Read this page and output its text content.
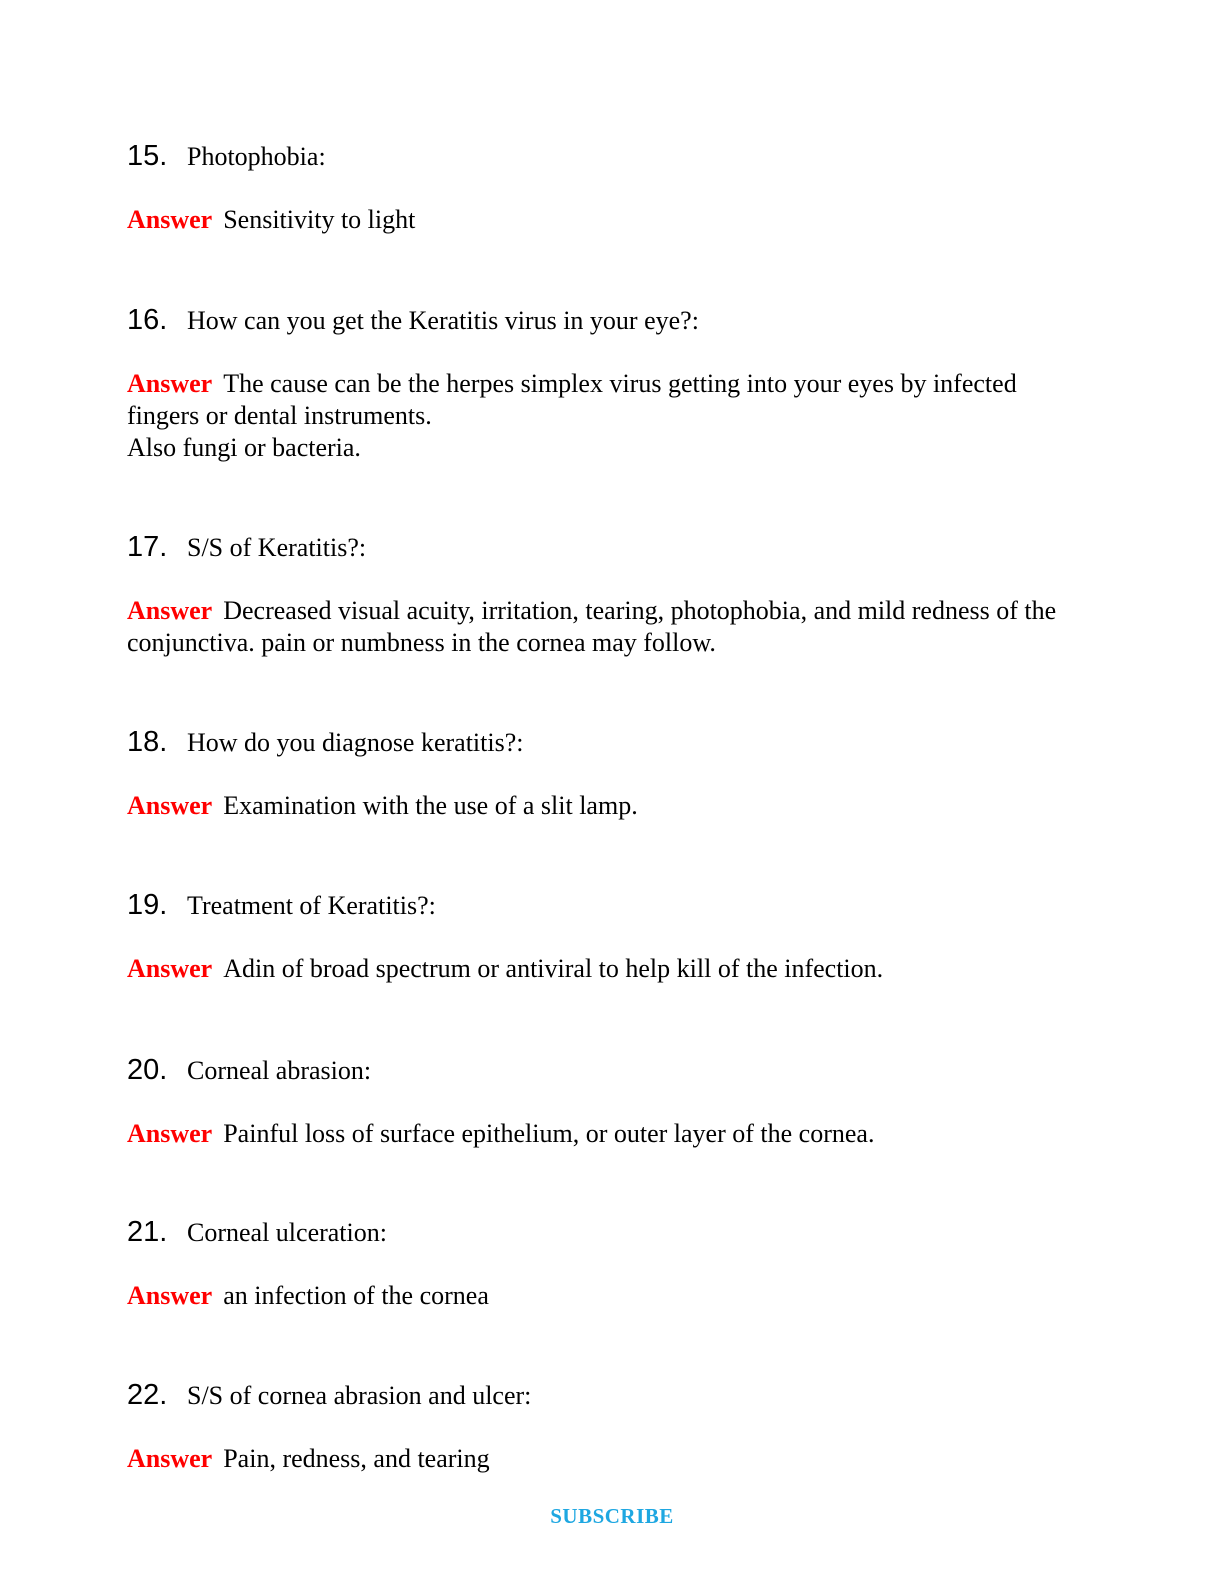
15. Photophobia:
Answer Sensitivity to light
16. How can you get the Keratitis virus in your eye?:
Answer The cause can be the herpes simplex virus getting into your eyes by infected fingers or dental instruments.
Also fungi or bacteria.
17. S/S of Keratitis?:
Answer Decreased visual acuity, irritation, tearing, photophobia, and mild redness of the conjunctiva. pain or numbness in the cornea may follow.
18. How do you diagnose keratitis?:
Answer Examination with the use of a slit lamp.
19. Treatment of Keratitis?:
Answer Adin of broad spectrum or antiviral to help kill of the infection.
20. Corneal abrasion:
Answer Painful loss of surface epithelium, or outer layer of the cornea.
21. Corneal ulceration:
Answer an infection of the cornea
22. S/S of cornea abrasion and ulcer:
Answer Pain, redness, and tearing
SUBSCRIBE
